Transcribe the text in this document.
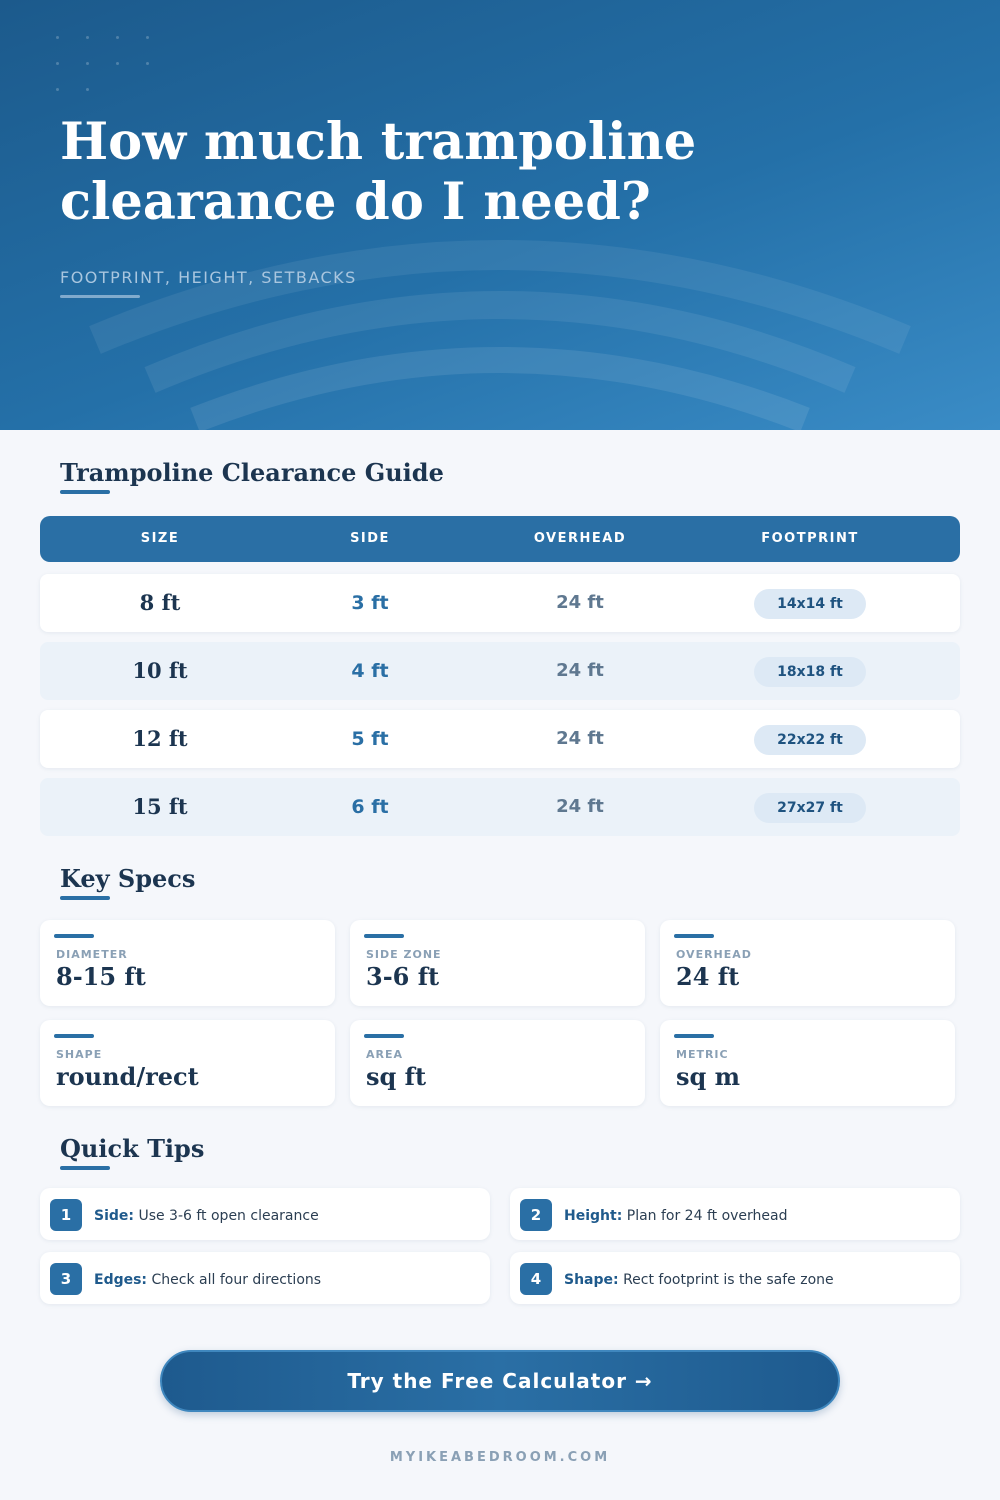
How much trampoline
clearance do I need?
FOOTPRINT, HEIGHT, SETBACKS
Trampoline Clearance Guide
SIZE	SIDE	OVERHEAD	FOOTPRINT
8 ft	3 ft	24 ft	14x14 ft
10 ft	4 ft	24 ft	18x18 ft
12 ft	5 ft	24 ft	22x22 ft
15 ft	6 ft	24 ft	27x27 ft
Key Specs
DIAMETER
8-15 ft
SIDE ZONE
3-6 ft
OVERHEAD
24 ft
SHAPE
round/rect
AREA
sq ft
METRIC
sq m
Quick Tips
1	Side: Use 3-6 ft open clearance	2	Height: Plan for 24 ft overhead
3	Edges: Check all four directions	4	Shape: Rect footprint is the safe zone
Try the Free Calculator →
MYIKEABEDROOM.COM
